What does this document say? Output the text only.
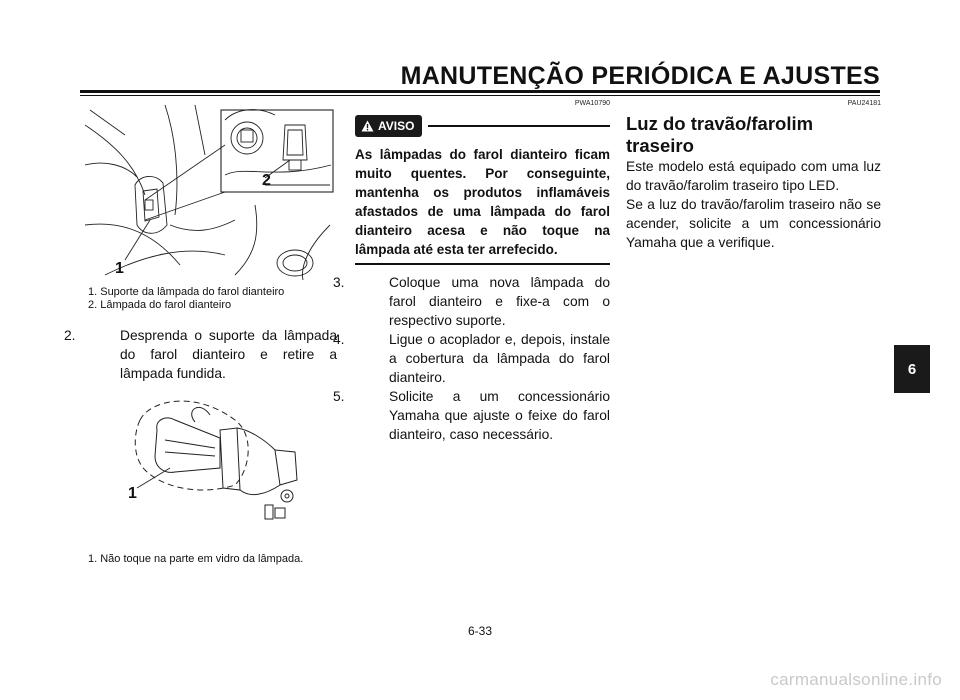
MANUTENÇÃO PERIÓDICA E AJUSTES
6
1
2
1. Suporte da lâmpada do farol dianteiro
2. Lâmpada do farol dianteiro
2.	Desprenda o suporte da lâmpada do farol dianteiro e retire a lâmpada fundida.
1
1. Não toque na parte em vidro da lâmpada.
PWA10790
AVISO
As lâmpadas do farol dianteiro ficam muito quentes. Por conseguinte, mantenha os produtos inflamáveis afastados de uma lâmpada do farol dianteiro acesa e não toque na lâmpada até esta ter arrefecido.
3.	Coloque uma nova lâmpada do farol dianteiro e fixe-a com o respectivo suporte.
4.	Ligue o acoplador e, depois, instale a cobertura da lâmpada do farol dianteiro.
5.	Solicite a um concessionário Yamaha que ajuste o feixe do farol dianteiro, caso necessário.
PAU24181
Luz do travão/farolim traseiro
Este modelo está equipado com uma luz do travão/farolim traseiro tipo LED.
Se a luz do travão/farolim traseiro não se acender, solicite a um concessionário Yamaha que a verifique.
6-33
carmanualsonline.info
